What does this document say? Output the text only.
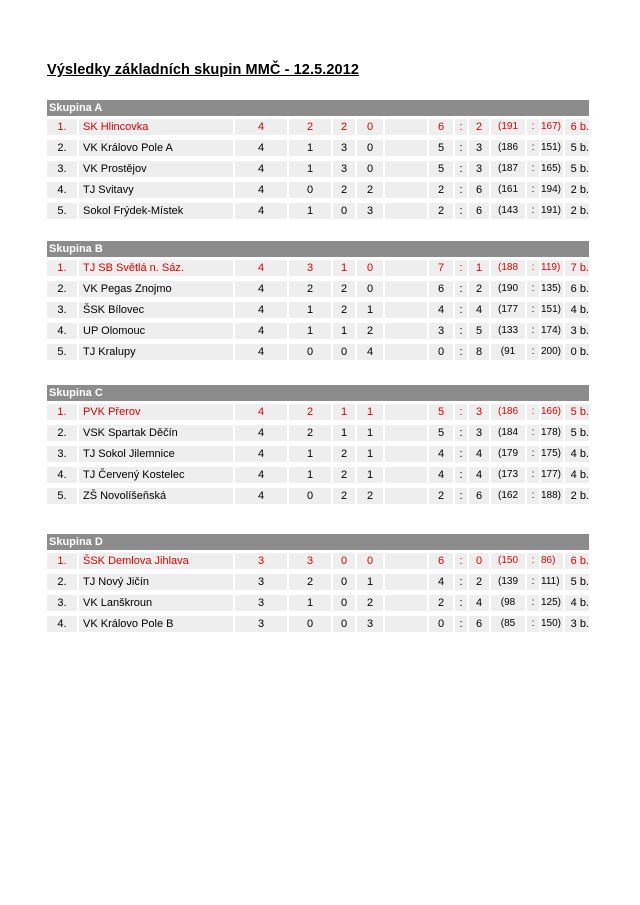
Výsledky základních skupin MMČ - 12.5.2012
Skupina A
1.	SK Hlincovka	4	2	2	0	6	:	2	(191	: 167) 6 b.
2.	VK Královo Pole A	4	1	3	0	5	:	3	(186	: 151) 5 b.
3.	VK Prostějov	4	1	3	0	5	:	3	(187	: 165) 5 b.
4.	TJ Svitavy	4	0	2	2	2	:	6	(161	: 194) 2 b.
5.	Sokol Frýdek-Místek	4	1	0	3	2	:	6	(143	: 191) 2 b.
Skupina B
1.	TJ SB Světlá n. Sáz.	4	3	1	0	7	:	1	(188	: 119) 7 b.
2.	VK Pegas Znojmo	4	2	2	0	6	:	2	(190	: 135) 6 b.
3.	ŠSK Bílovec	4	1	2	1	4	:	4	(177	: 151) 4 b.
4.	UP Olomouc	4	1	1	2	3	:	5	(133	: 174) 3 b.
5.	TJ Kralupy	4	0	0	4	0	:	8	(91	: 200) 0 b.
Skupina C
1.	PVK Přerov	4	2	1	1	5	:	3	(186	: 166) 5 b.
2.	VSK Spartak Děčín	4	2	1	1	5	:	3	(184	: 178) 5 b.
3.	TJ Sokol Jilemnice	4	1	2	1	4	:	4	(179	: 175) 4 b.
4.	TJ Červený Kostelec	4	1	2	1	4	:	4	(173	: 177) 4 b.
5.	ZŠ Novolíšeňská	4	0	2	2	2	:	6	(162	: 188) 2 b.
Skupina D
1.	ŠSK Demlova Jihlava	3	3	0	0	6	:	0	(150	: 86)	6 b.
2.	TJ Nový Jičín	3	2	0	1	4	:	2	(139	: 111)	5 b.
3.	VK Lanškroun	3	1	0	2	2	:	4	(98	: 125) 4 b.
4.	VK Královo Pole B	3	0	0	3	0	:	6	(85	: 150) 3 b.
